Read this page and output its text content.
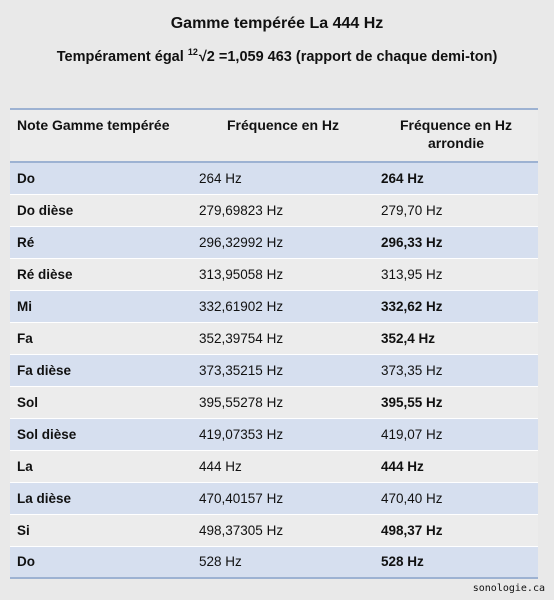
Gamme tempérée La 444 Hz
Tempérament égal $^{12}$√2 =1,059 463 (rapport de chaque demi-ton)
Note Gamme tempérée	Fréquence en Hz	Fréquence en Hz arrondie
Do	264 Hz	264 Hz
Do dièse	279,69823 Hz	279,70 Hz
Ré	296,32992 Hz	296,33 Hz
Ré dièse	313,95058 Hz	313,95 Hz
Mi	332,61902 Hz	332,62 Hz
Fa	352,39754 Hz	352,4 Hz
Fa dièse	373,35215 Hz	373,35 Hz
Sol	395,55278 Hz	395,55 Hz
Sol dièse	419,07353 Hz	419,07 Hz
La	444 Hz	444 Hz
La dièse	470,40157 Hz	470,40 Hz
Si	498,37305 Hz	498,37 Hz
Do	528 Hz	528 Hz
sonologie.ca
